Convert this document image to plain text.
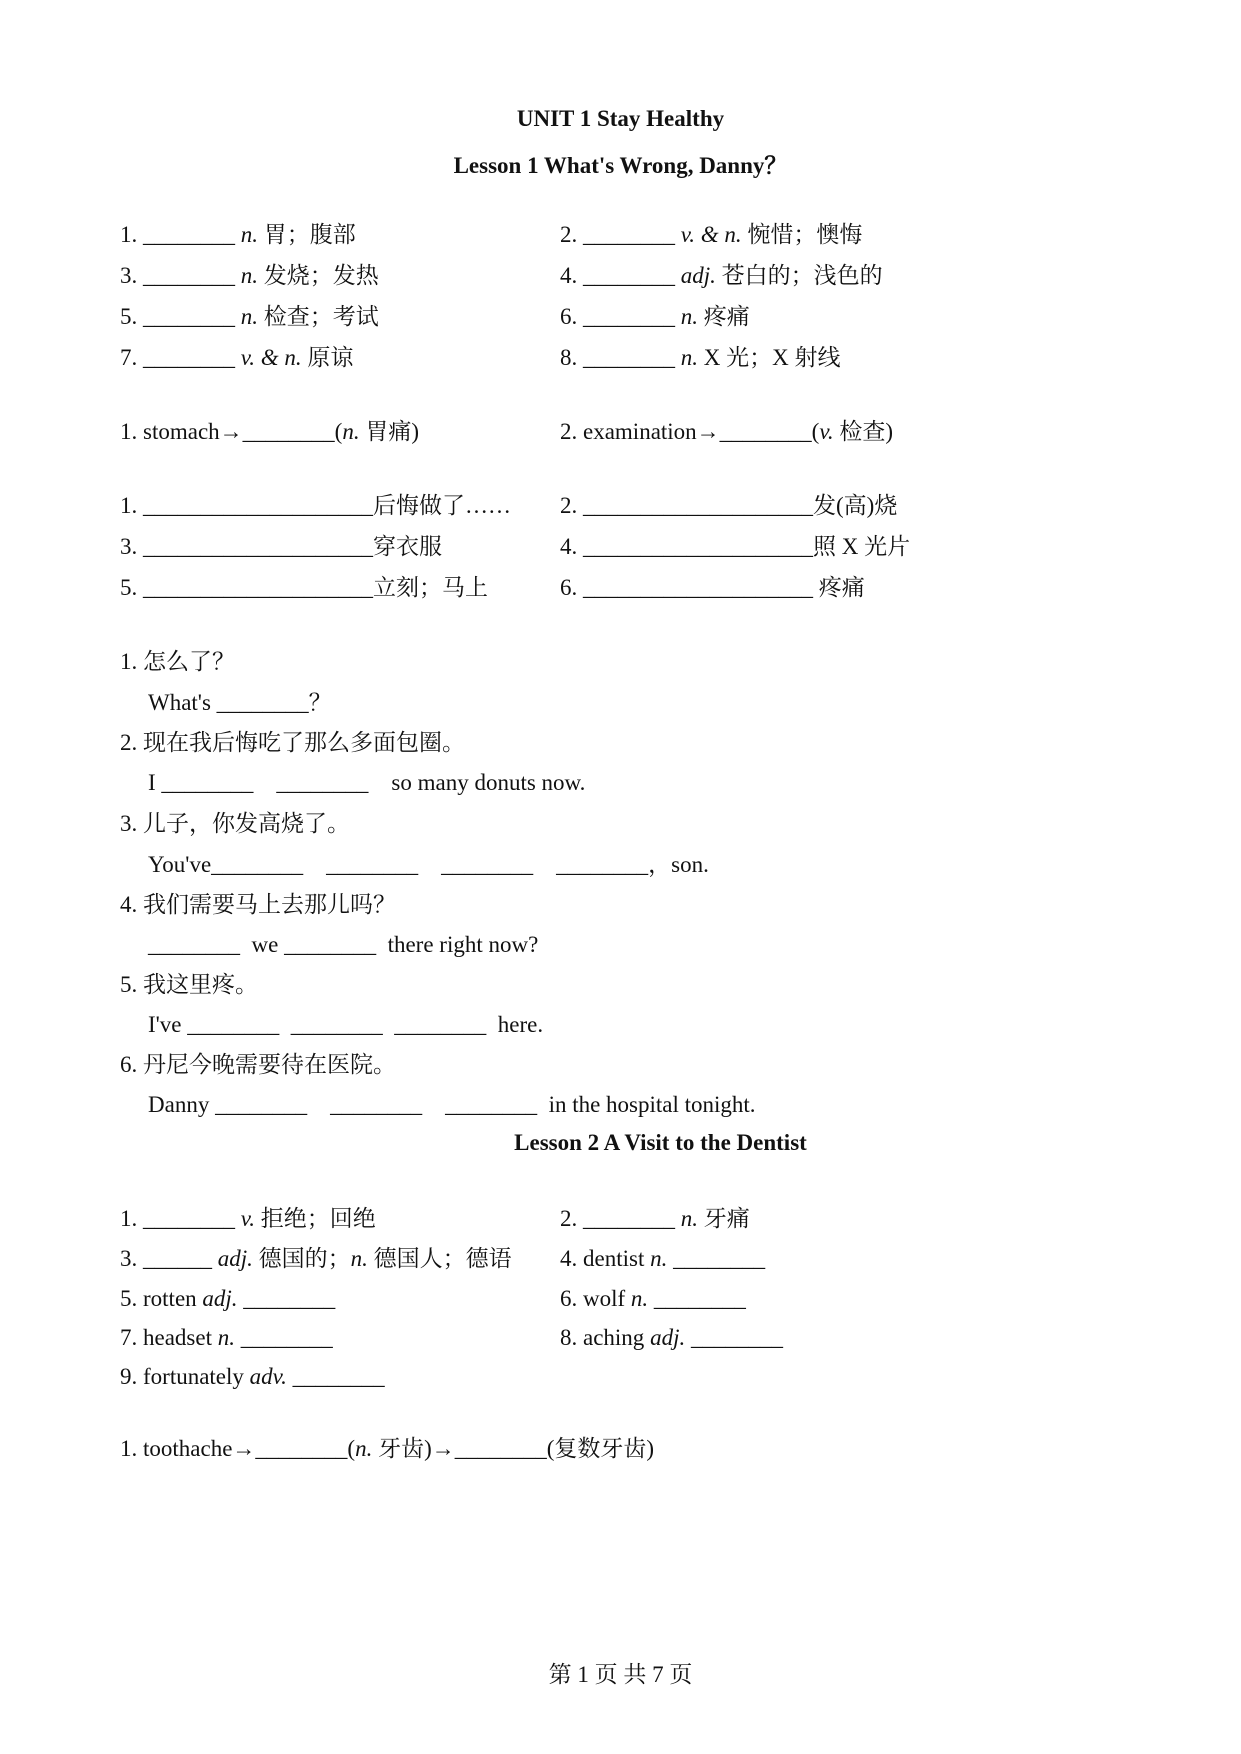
UNIT 1 Stay Healthy
Lesson 1 What's Wrong, Danny？
1. ________ n. 胃；腹部	2. ________ v. & n. 惋惜；懊悔
3. ________ n. 发烧；发热	4. ________ adj. 苍白的；浅色的
5. ________ n. 检查；考试	6. ________ n. 疼痛
7. ________ v. & n. 原谅	8. ________ n. X 光；X 射线
1. stomach→________(n. 胃痛)	2. examination→________(v. 检查)
1. ____________________后悔做了…… 2. ____________________发(高)烧
3. ____________________穿衣服	4. ____________________照 X 光片
5. ____________________立刻；马上	6. ____________________ 疼痛
1. 怎么了？
What's ________？
2. 现在我后悔吃了那么多面包圈。
I ________    ________    so many donuts now.
3. 儿子，你发高烧了。
You've________    ________    ________    ________，son.
4. 我们需要马上去那儿吗？
________  we ________  there right now?
5. 我这里疼。
I've ________  ________  ________  here.
6. 丹尼今晚需要待在医院。
Danny ________    ________    ________  in the hospital tonight.
Lesson 2 A Visit to the Dentist
1. ________ v. 拒绝；回绝	2. ________ n. 牙痛
3. ______ adj. 德国的；n. 德国人；德语 4. dentist n. ________
5. rotten adj. ________	6. wolf n. ________
7. headset n. ________	8. aching adj. ________
9. fortunately adv. ________
1. toothache→________(n. 牙齿)→________(复数牙齿)
第 1 页 共 7 页
